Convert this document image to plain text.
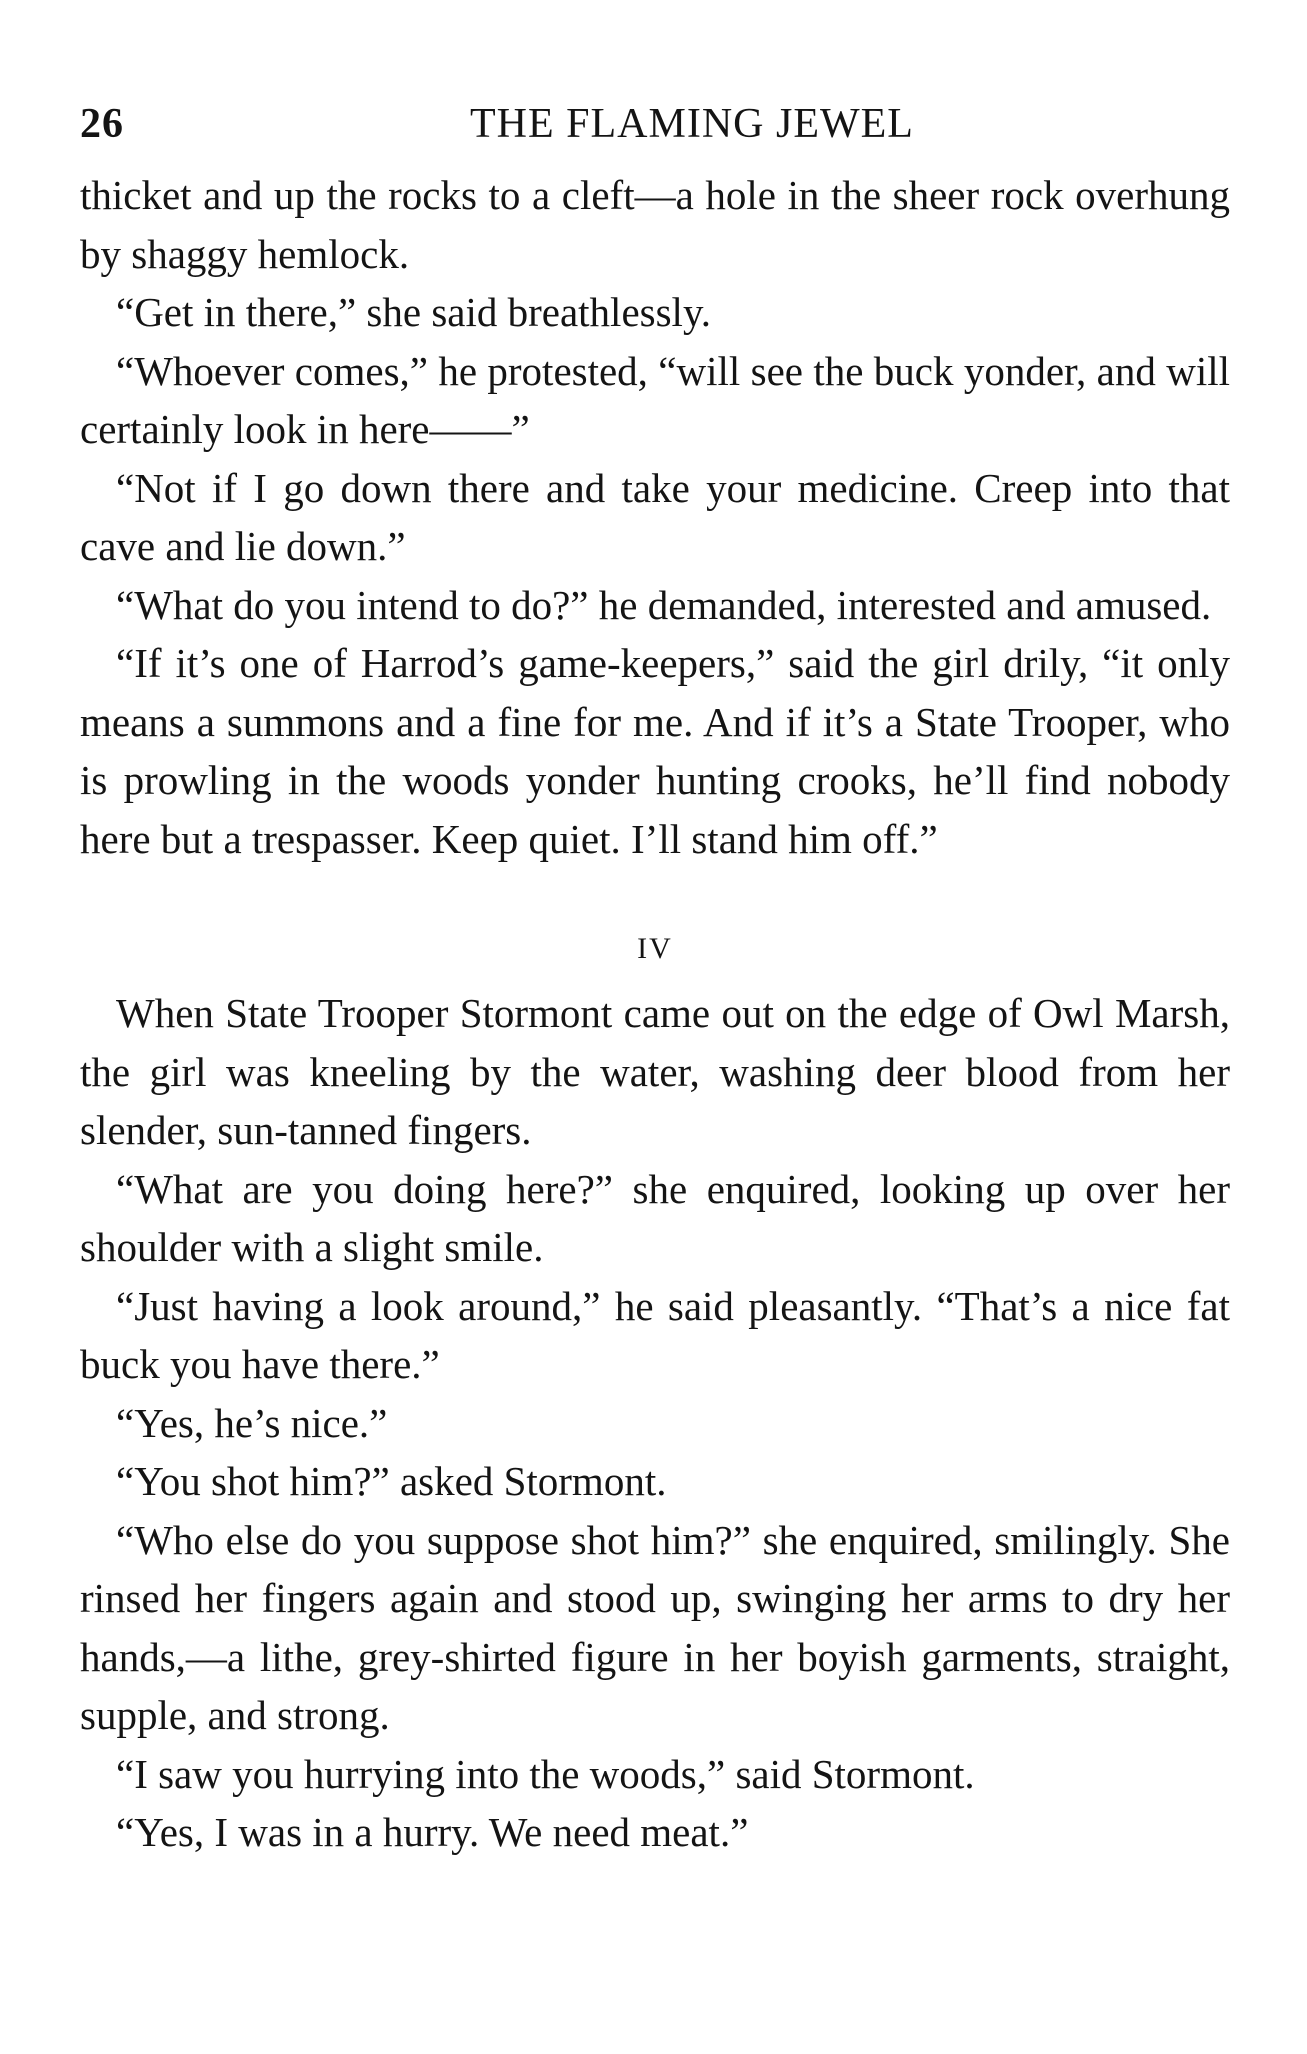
26	THE FLAMING JEWEL

thicket and up the rocks to a cleft—a hole in the sheer rock overhung by shaggy hemlock.

“Get in there,” she said breathlessly.

“Whoever comes,” he protested, “will see the buck yonder, and will certainly look in here——”

“Not if I go down there and take your medicine. Creep into that cave and lie down.”

“What do you intend to do?” he demanded, interested and amused.

“If it’s one of Harrod’s game-keepers,” said the girl drily, “it only means a summons and a fine for me. And if it’s a State Trooper, who is prowling in the woods yonder hunting crooks, he’ll find nobody here but a trespasser. Keep quiet. I’ll stand him off.”

IV

When State Trooper Stormont came out on the edge of Owl Marsh, the girl was kneeling by the water, washing deer blood from her slender, sun-tanned fingers.

“What are you doing here?” she enquired, looking up over her shoulder with a slight smile.

“Just having a look around,” he said pleasantly. “That’s a nice fat buck you have there.”

“Yes, he’s nice.”

“You shot him?” asked Stormont.

“Who else do you suppose shot him?” she enquired, smilingly. She rinsed her fingers again and stood up, swinging her arms to dry her hands,—a lithe, grey-shirted figure in her boyish garments, straight, supple, and strong.

“I saw you hurrying into the woods,” said Stormont.

“Yes, I was in a hurry. We need meat.”
